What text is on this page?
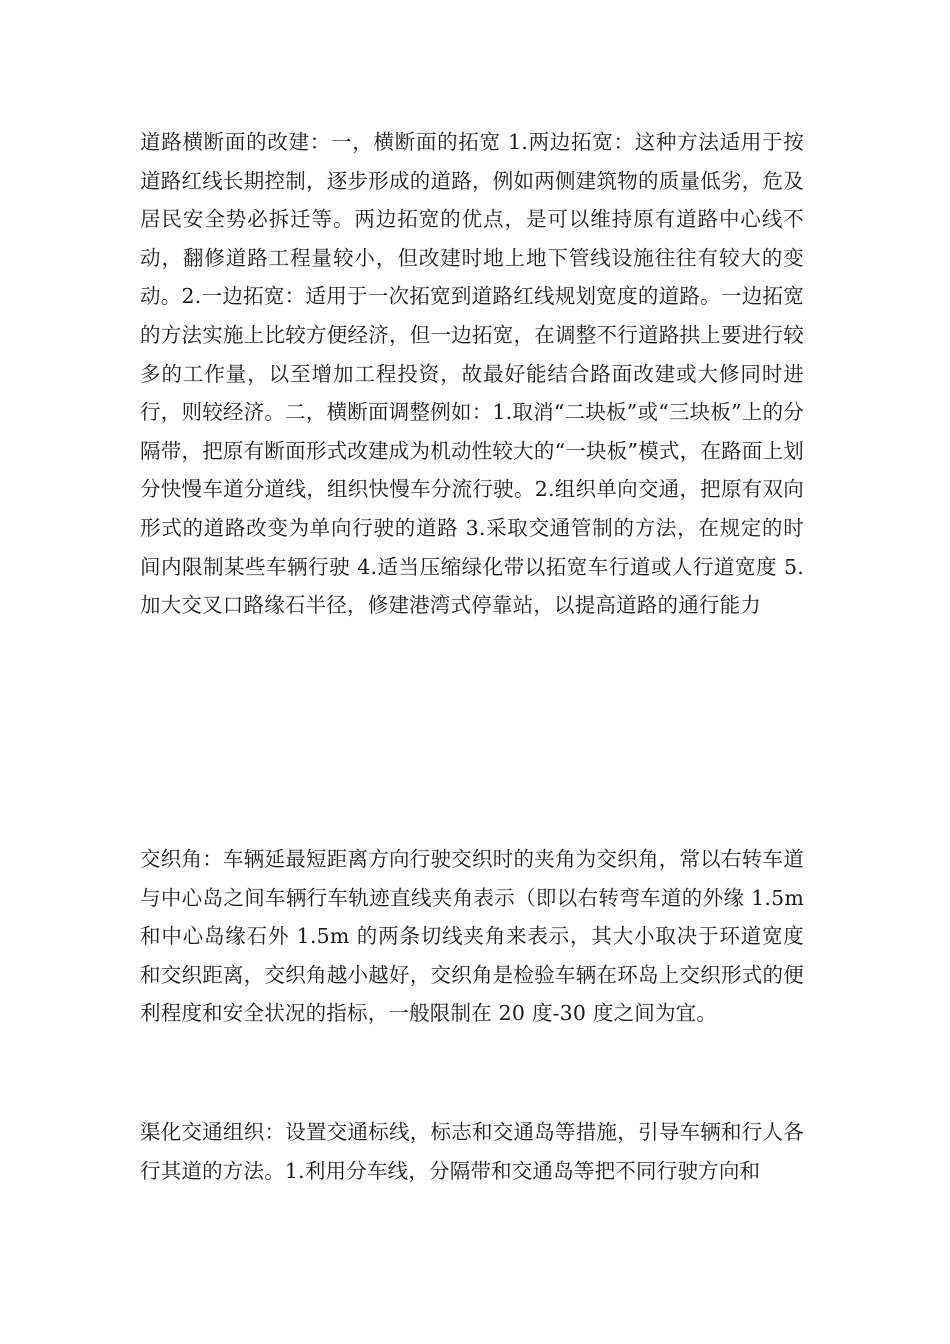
道路横断面的改建：一，横断面的拓宽 1.两边拓宽：这种方法适用于按道路红线长期控制，逐步形成的道路，例如两侧建筑物的质量低劣，危及居民安全势必拆迁等。两边拓宽的优点，是可以维持原有道路中心线不动，翻修道路工程量较小，但改建时地上地下管线设施往往有较大的变动。2.一边拓宽：适用于一次拓宽到道路红线规划宽度的道路。一边拓宽的方法实施上比较方便经济，但一边拓宽，在调整不行道路拱上要进行较多的工作量，以至增加工程投资，故最好能结合路面改建或大修同时进行，则较经济。二，横断面调整例如：1.取消“二块板”或“三块板”上的分隔带，把原有断面形式改建成为机动性较大的“一块板”模式，在路面上划分快慢车道分道线，组织快慢车分流行驶。2.组织单向交通，把原有双向形式的道路改变为单向行驶的道路 3.采取交通管制的方法，在规定的时间内限制某些车辆行驶 4.适当压缩绿化带以拓宽车行道或人行道宽度 5.加大交叉口路缘石半径，修建港湾式停靠站，以提高道路的通行能力

交织角：车辆延最短距离方向行驶交织时的夹角为交织角，常以右转车道与中心岛之间车辆行车轨迹直线夹角表示（即以右转弯车道的外缘 1.5m 和中心岛缘石外 1.5m 的两条切线夹角来表示，其大小取决于环道宽度和交织距离，交织角越小越好，交织角是检验车辆在环岛上交织形式的便利程度和安全状况的指标，一般限制在 20 度-30 度之间为宜。

渠化交通组织：设置交通标线，标志和交通岛等措施，引导车辆和行人各行其道的方法。1.利用分车线，分隔带和交通岛等把不同行驶方向和
